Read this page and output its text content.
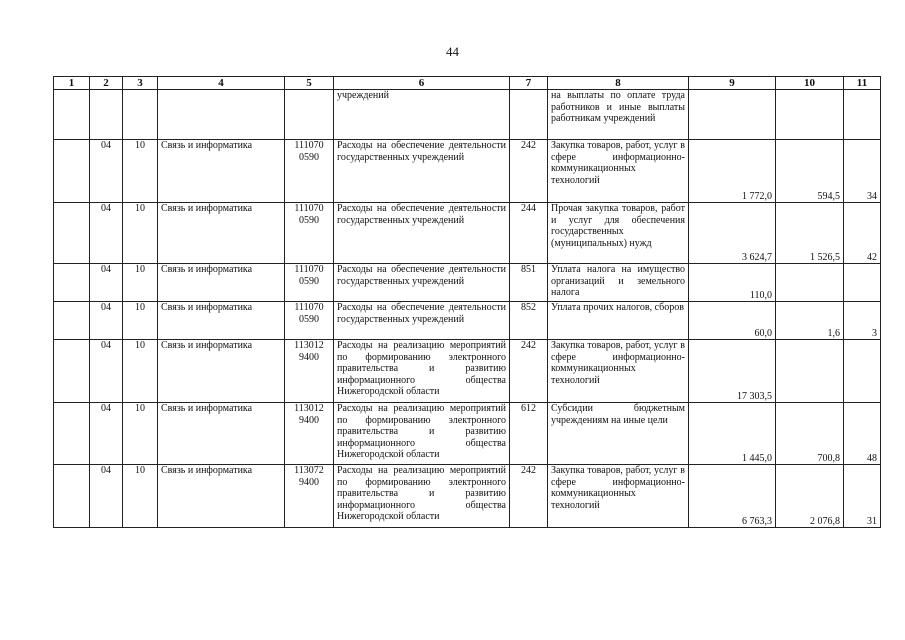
44
1	2	3	4	5	6	7	8	9	10	11
					учреждений		на выплаты по оплате труда работников и иные выплаты работникам учреждений			
	04	10	Связь и информатика	111070 0590	Расходы на обеспечение деятельности государственных учреждений	242	Закупка товаров, работ, услуг в сфере информационно-коммуникационных технологий	1 772,0	594,5	34
	04	10	Связь и информатика	111070 0590	Расходы на обеспечение деятельности государственных учреждений	244	Прочая закупка товаров, работ и услуг для обеспечения государственных (муниципальных) нужд	3 624,7	1 526,5	42
	04	10	Связь и информатика	111070 0590	Расходы на обеспечение деятельности государственных учреждений	851	Уплата налога на имущество организаций и земельного налога	110,0		
	04	10	Связь и информатика	111070 0590	Расходы на обеспечение деятельности государственных учреждений	852	Уплата прочих налогов, сборов	60,0	1,6	3
	04	10	Связь и информатика	113012 9400	Расходы на реализацию мероприятий по формированию электронного правительства и развитию информационного общества Нижегородской области	242	Закупка товаров, работ, услуг в сфере информационно-коммуникационных технологий	17 303,5		
	04	10	Связь и информатика	113012 9400	Расходы на реализацию мероприятий по формированию электронного правительства и развитию информационного общества Нижегородской области	612	Субсидии бюджетным учреждениям на иные цели	1 445,0	700,8	48
	04	10	Связь и информатика	113072 9400	Расходы на реализацию мероприятий по формированию электронного правительства и развитию информационного общества Нижегородской области	242	Закупка товаров, работ, услуг в сфере информационно-коммуникационных технологий	6 763,3	2 076,8	31
